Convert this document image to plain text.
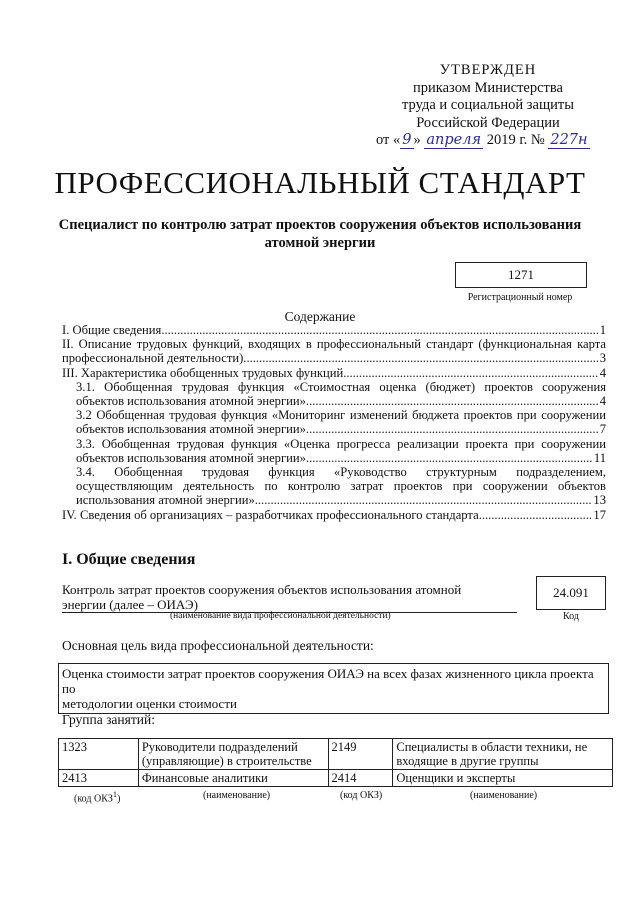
УТВЕРЖДЕН
приказом Министерства
труда и социальной защиты
Российской Федерации
от « 9 » апреля 2019 г. № 227н
ПРОФЕССИОНАЛЬНЫЙ СТАНДАРТ
Специалист по контролю затрат проектов сооружения объектов использования
атомной энергии
1271
Регистрационный номер
Содержание
I. Общие сведения .....	1
II. Описание трудовых функций, входящих в профессиональный стандарт (функциональная карта
профессиональной деятельности) .....	3
III. Характеристика обобщенных трудовых функций .....	4
3.1. Обобщенная трудовая функция «Стоимостная оценка (бюджет) проектов сооружения
объектов использования атомной энергии» .....	4
3.2 Обобщенная трудовая функция «Мониторинг изменений бюджета проектов при сооружении
объектов использования атомной энергии» .....	7
3.3. Обобщенная трудовая функция «Оценка прогресса реализации проекта при сооружении
объектов использования атомной энергии» .....	11
3.4. Обобщенная трудовая функция «Руководство структурным подразделением,
осуществляющим деятельность по контролю затрат проектов при сооружении объектов
использования атомной энергии» .....	13
IV. Сведения об организациях – разработчиках профессионального стандарта .....	17
I. Общие сведения
Контроль затрат проектов сооружения объектов использования атомной
энергии (далее – ОИАЭ)
(наименование вида профессиональной деятельности)
24.091
Код
Основная цель вида профессиональной деятельности:
Оценка стоимости затрат проектов сооружения ОИАЭ на всех фазах жизненного цикла проекта по
методологии оценки стоимости
Группа занятий:
1323	Руководители подразделений (управляющие) в строительстве	2149	Специалисты в области техники, не входящие в другие группы
2413	Финансовые аналитики	2414	Оценщики и эксперты
(код ОКЗ$^1$)	(наименование)	(код ОКЗ)	(наименование)
